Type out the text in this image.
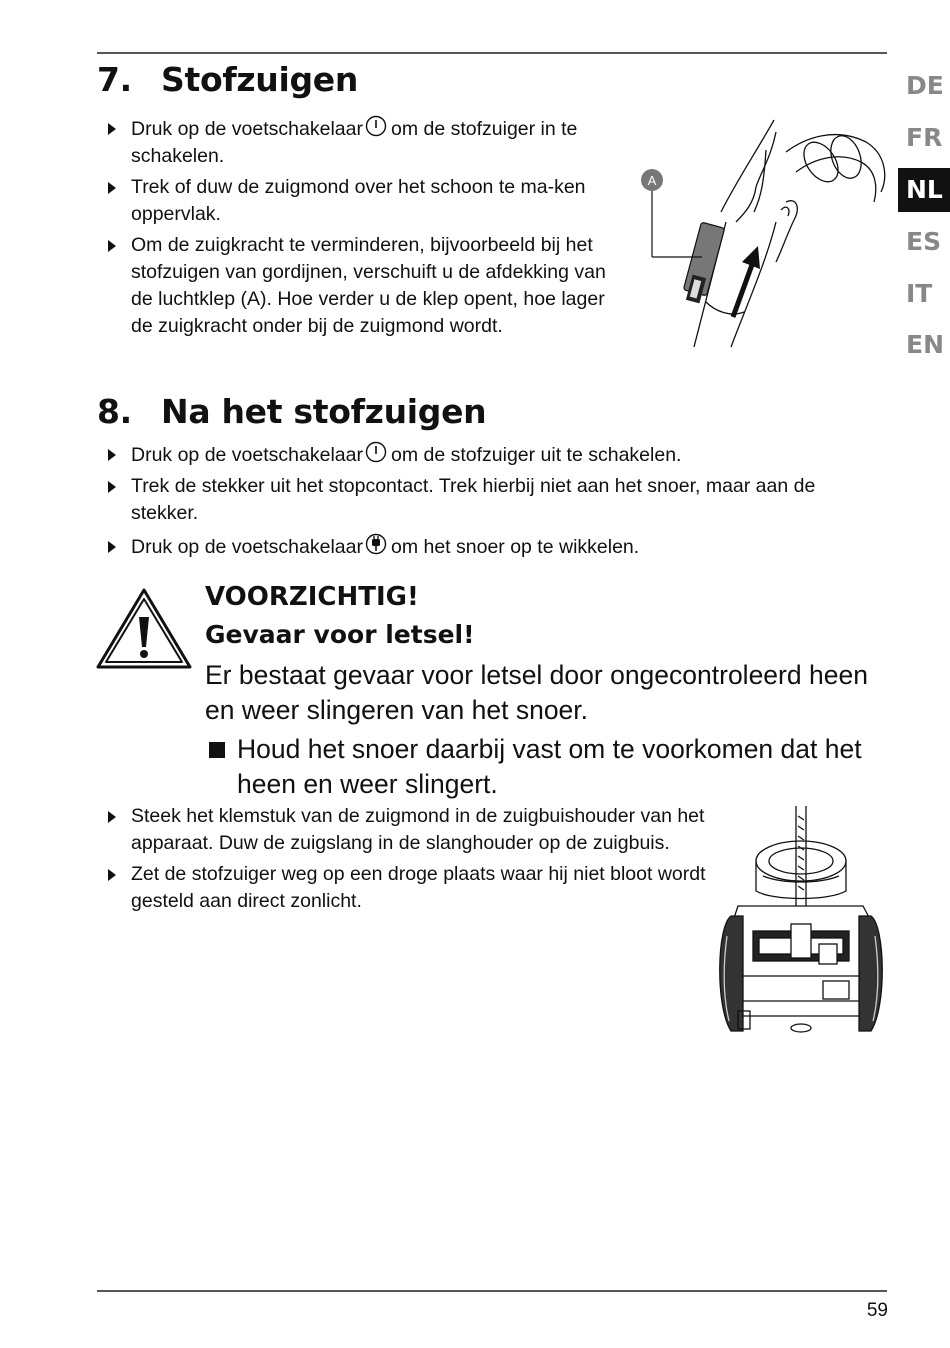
DE
FR
NL
ES
IT
EN
7. Stofzuigen
Druk op de voetschakelaar om de stofzuiger in te schakelen.
Trek of duw de zuigmond over het schoon te ma-ken oppervlak.
Om de zuigkracht te verminderen, bijvoorbeeld bij het stofzuigen van gordijnen, verschuift u de afdekking van de luchtklep (A). Hoe verder u de klep opent, hoe lager de zuigkracht onder bij de zuigmond wordt.
A
8. Na het stofzuigen
Druk op de voetschakelaar om de stofzuiger uit te schakelen.
Trek de stekker uit het stopcontact. Trek hierbij niet aan het snoer, maar aan de stekker.
Druk op de voetschakelaar om het snoer op te wikkelen.
VOORZICHTIG!
Gevaar voor letsel!

Er bestaat gevaar voor letsel door ongecontroleerd heen en weer slingeren van het snoer.

Houd het snoer daarbij vast om te voorkomen dat het heen en weer slingert.

Steek het klemstuk van de zuigmond in de zuigbuishouder van het apparaat. Duw de zuigslang in de slanghouder op de zuigbuis.
Zet de stofzuiger weg op een droge plaats waar hij niet bloot wordt gesteld aan direct zonlicht.
59
